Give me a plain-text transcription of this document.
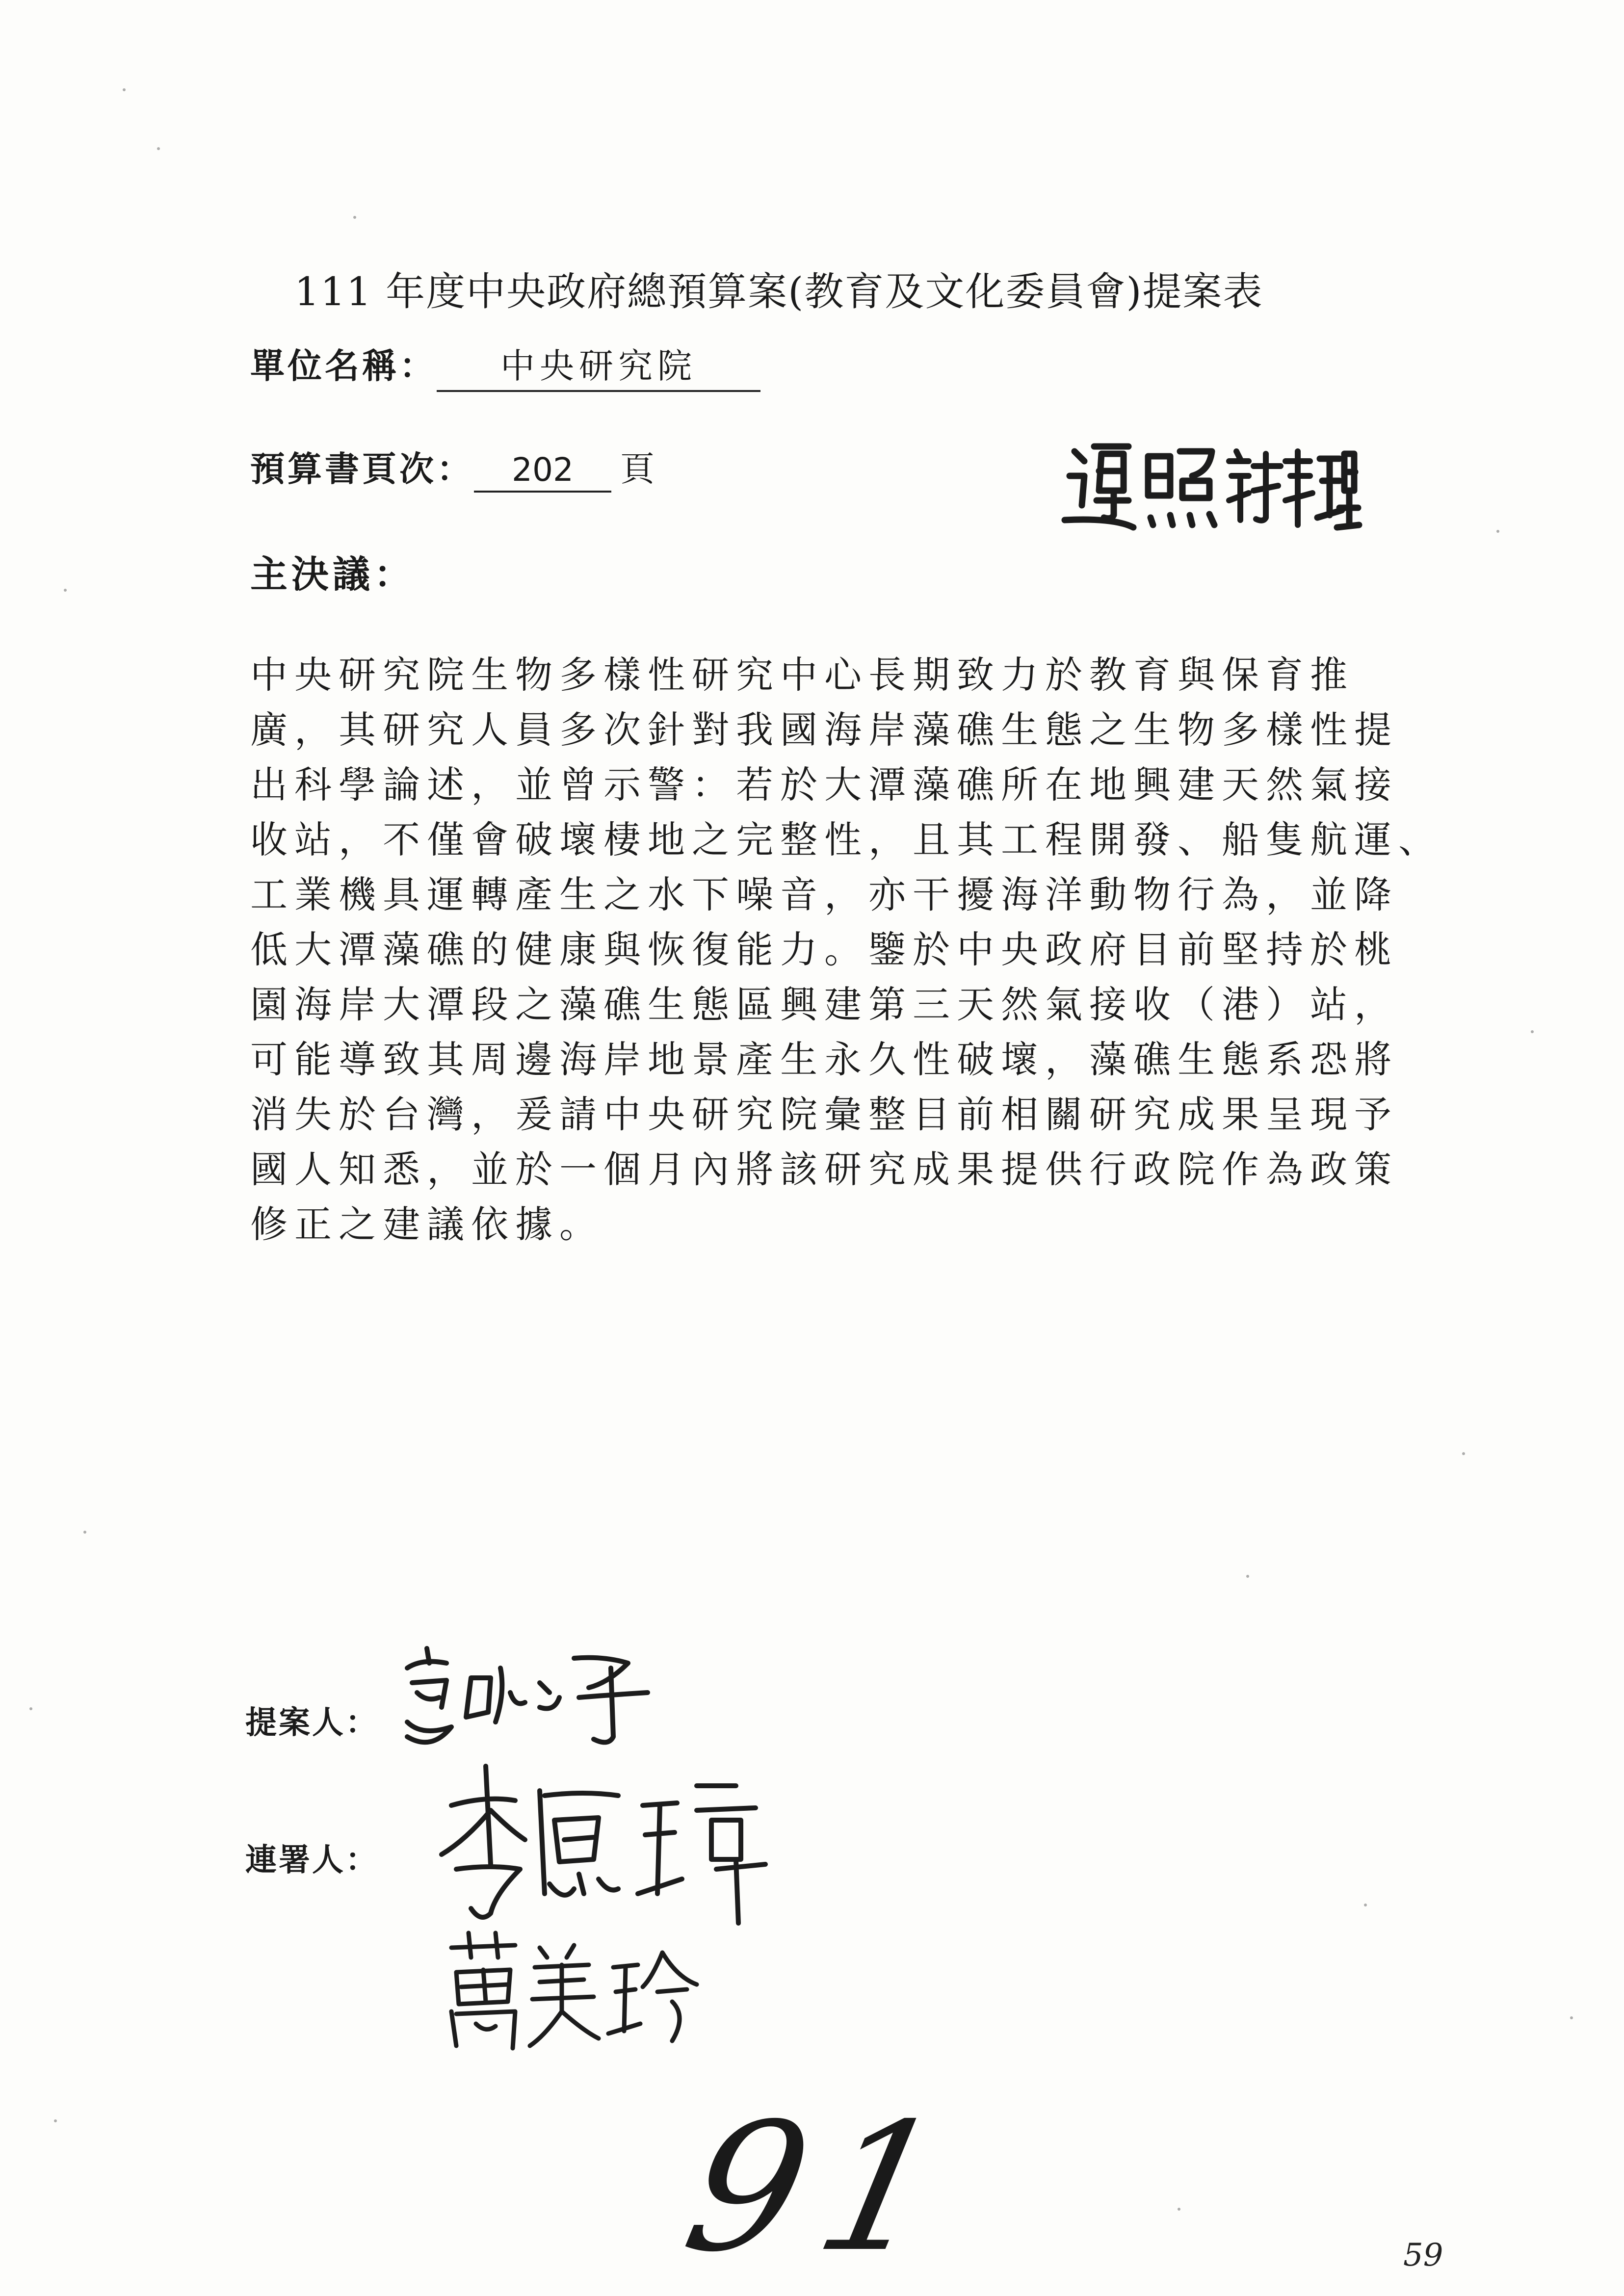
111 年度中央政府總預算案(教育及文化委員會)提案表
單位名稱： 中央研究院
預算書頁次： 202 頁
主決議：
中央研究院生物多樣性研究中心長期致力於教育與保育推
廣，其研究人員多次針對我國海岸藻礁生態之生物多樣性提
出科學論述，並曾示警：若於大潭藻礁所在地興建天然氣接
收站，不僅會破壞棲地之完整性，且其工程開發、船隻航運、
工業機具運轉產生之水下噪音，亦干擾海洋動物行為，並降
低大潭藻礁的健康與恢復能力。鑒於中央政府目前堅持於桃
園海岸大潭段之藻礁生態區興建第三天然氣接收（港）站，
可能導致其周邊海岸地景產生永久性破壞，藻礁生態系恐將
消失於台灣，爰請中央研究院彙整目前相關研究成果呈現予
國人知悉，並於一個月內將該研究成果提供行政院作為政策
修正之建議依據。
提案人：
連署人：
91	59
